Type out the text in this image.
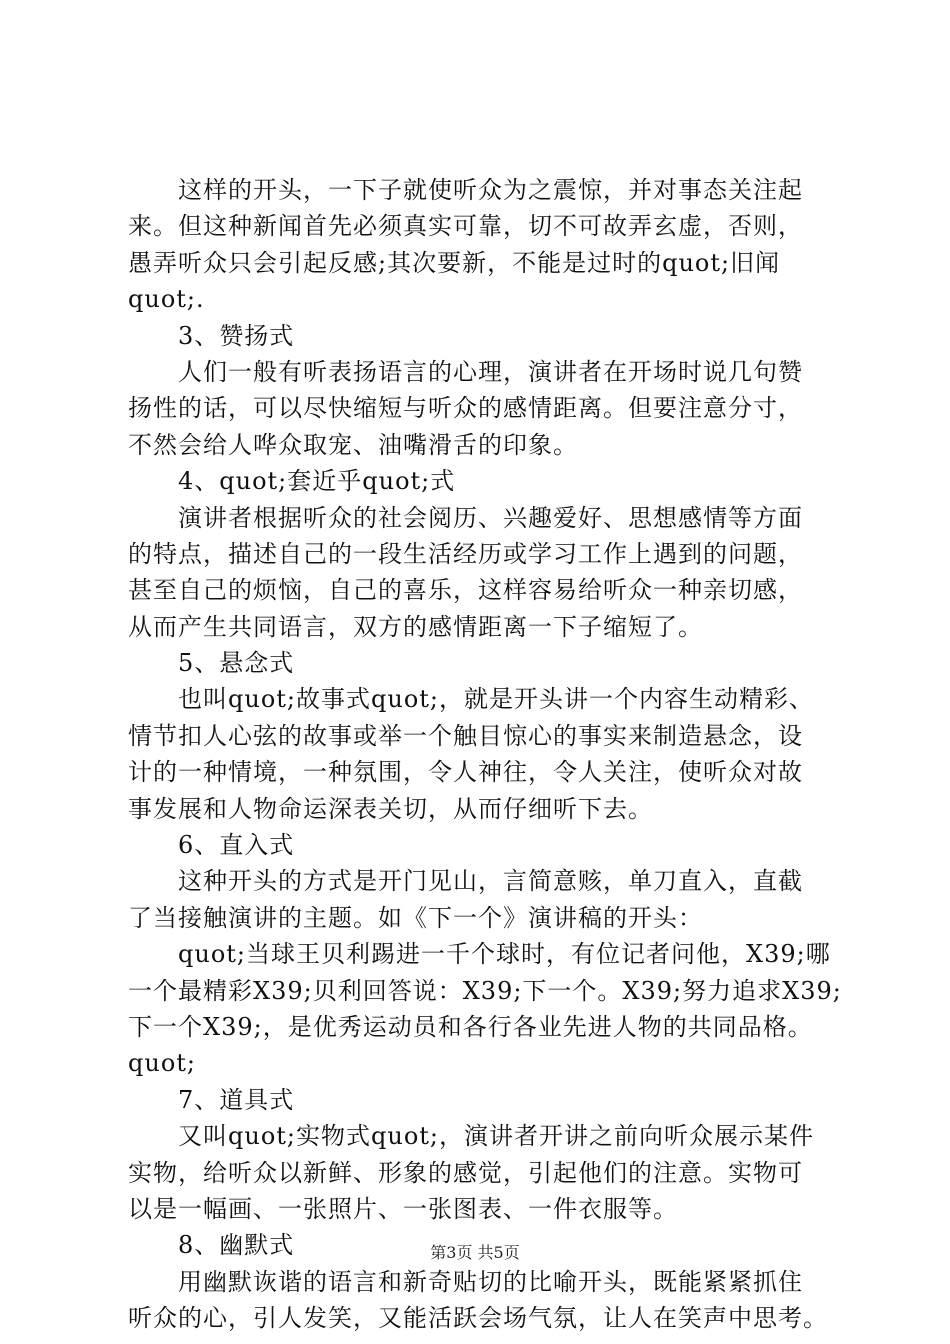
这样的开头，一下子就使听众为之震惊，并对事态关注起
来。但这种新闻首先必须真实可靠，切不可故弄玄虚，否则，
愚弄听众只会引起反感;其次要新，不能是过时的quot;旧闻
quot;.
3、赞扬式
人们一般有听表扬语言的心理，演讲者在开场时说几句赞
扬性的话，可以尽快缩短与听众的感情距离。但要注意分寸，
不然会给人哗众取宠、油嘴滑舌的印象。
4、quot;套近乎quot;式
演讲者根据听众的社会阅历、兴趣爱好、思想感情等方面
的特点，描述自己的一段生活经历或学习工作上遇到的问题，
甚至自己的烦恼，自己的喜乐，这样容易给听众一种亲切感，
从而产生共同语言，双方的感情距离一下子缩短了。
5、悬念式
也叫quot;故事式quot;，就是开头讲一个内容生动精彩、
情节扣人心弦的故事或举一个触目惊心的事实来制造悬念，设
计的一种情境，一种氛围，令人神往，令人关注，使听众对故
事发展和人物命运深表关切，从而仔细听下去。
6、直入式
这种开头的方式是开门见山，言简意赅，单刀直入，直截
了当接触演讲的主题。如《下一个》演讲稿的开头：
quot;当球王贝利踢进一千个球时，有位记者问他，X39;哪
一个最精彩X39;贝利回答说：X39;下一个。X39;努力追求X39;
下一个X39;，是优秀运动员和各行各业先进人物的共同品格。
quot;
7、道具式
又叫quot;实物式quot;，演讲者开讲之前向听众展示某件
实物，给听众以新鲜、形象的感觉，引起他们的注意。实物可
以是一幅画、一张照片、一张图表、一件衣服等。
8、幽默式
用幽默诙谐的语言和新奇贴切的比喻开头，既能紧紧抓住
听众的心，引人发笑，又能活跃会场气氛，让人在笑声中思考。
第3页 共5页
